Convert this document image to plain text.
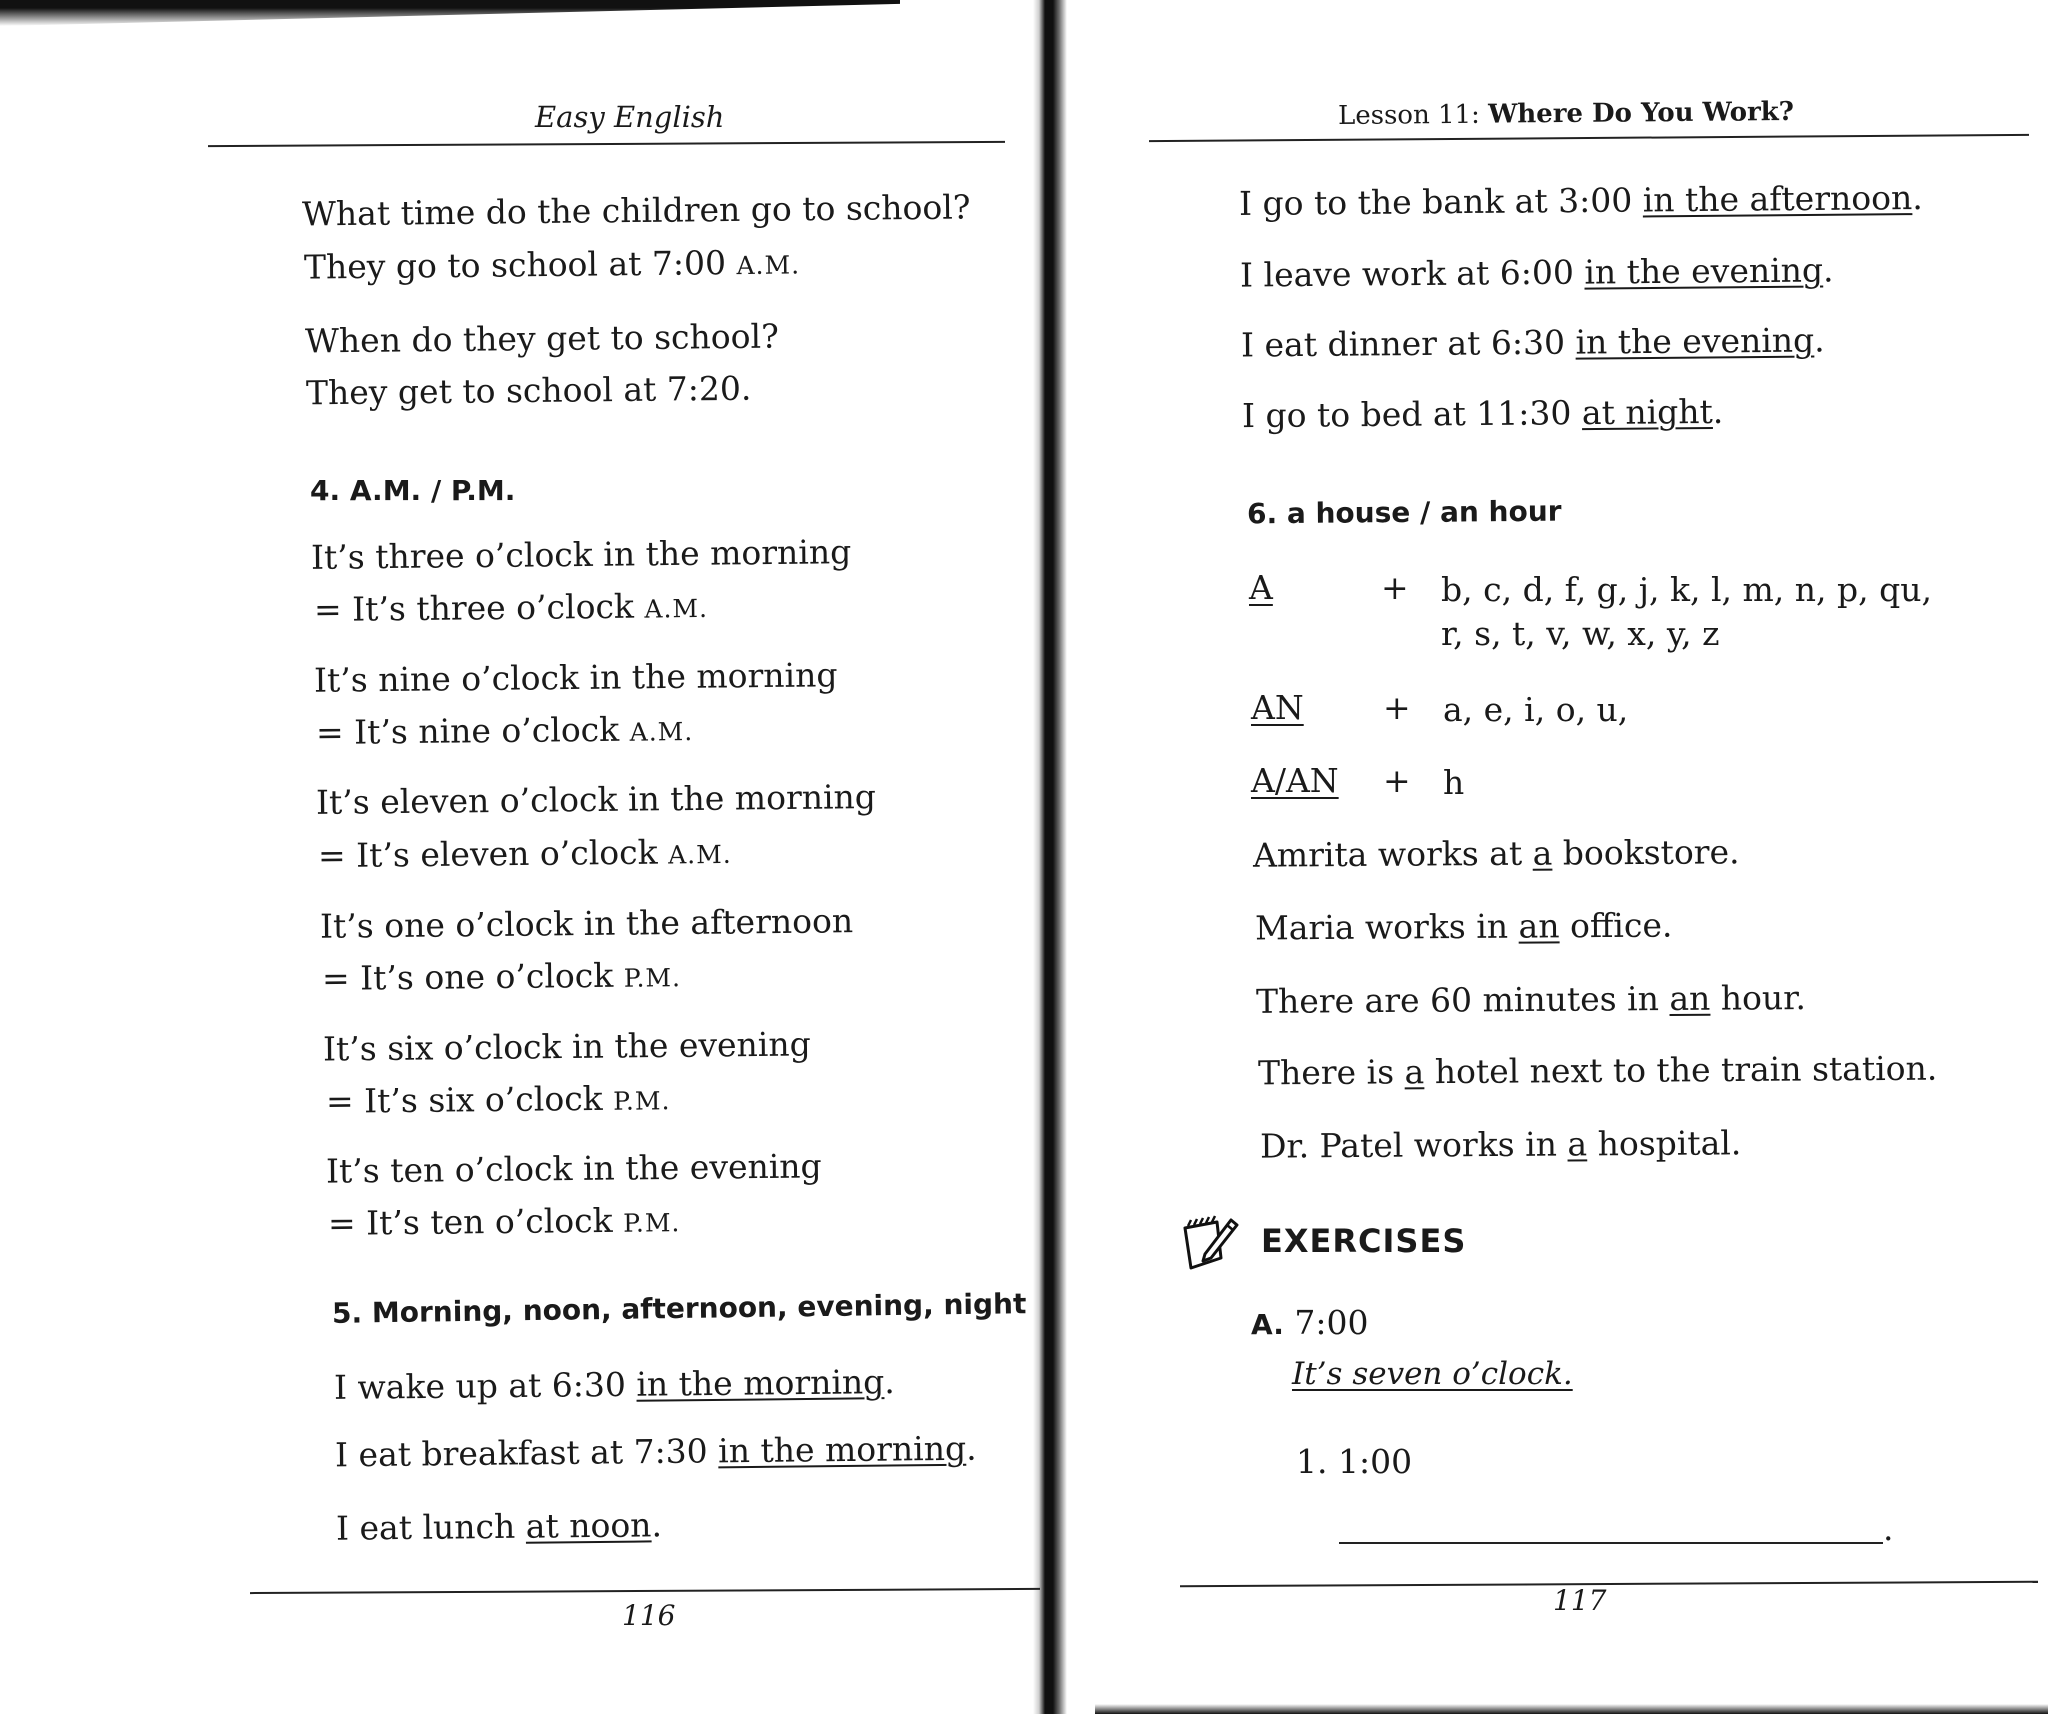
Easy English
What time do the children go to school?
They go to school at 7:00 A.M.
When do they get to school?
They get to school at 7:20.
4. A.M. / P.M.
It’s three o’clock in the morning
= It’s three o’clock A.M.
It’s nine o’clock in the morning
= It’s nine o’clock A.M.
It’s eleven o’clock in the morning
= It’s eleven o’clock A.M.
It’s one o’clock in the afternoon
= It’s one o’clock P.M.
It’s six o’clock in the evening
= It’s six o’clock P.M.
It’s ten o’clock in the evening
= It’s ten o’clock P.M.
5. Morning, noon, afternoon, evening, night
I wake up at 6:30 in the morning.
I eat breakfast at 7:30 in the morning.
I eat lunch at noon.
116
Lesson 11: Where Do You Work?
I go to the bank at 3:00 in the afternoon.
I leave work at 6:00 in the evening.
I eat dinner at 6:30 in the evening.
I go to bed at 11:30 at night.
6. a house / an hour
A	+ b, c, d, f, g, j, k, l, m, n, p, qu, r, s, t, v, w, x, y, z
AN + a, e, i, o, u,
A/AN + h
Amrita works at a bookstore.
Maria works in an office.
There are 60 minutes in an hour.
There is a hotel next to the train station.
Dr. Patel works in a hospital.
EXERCISES
A. 7:00
It’s seven o’clock.
1. 1:00
.
117
